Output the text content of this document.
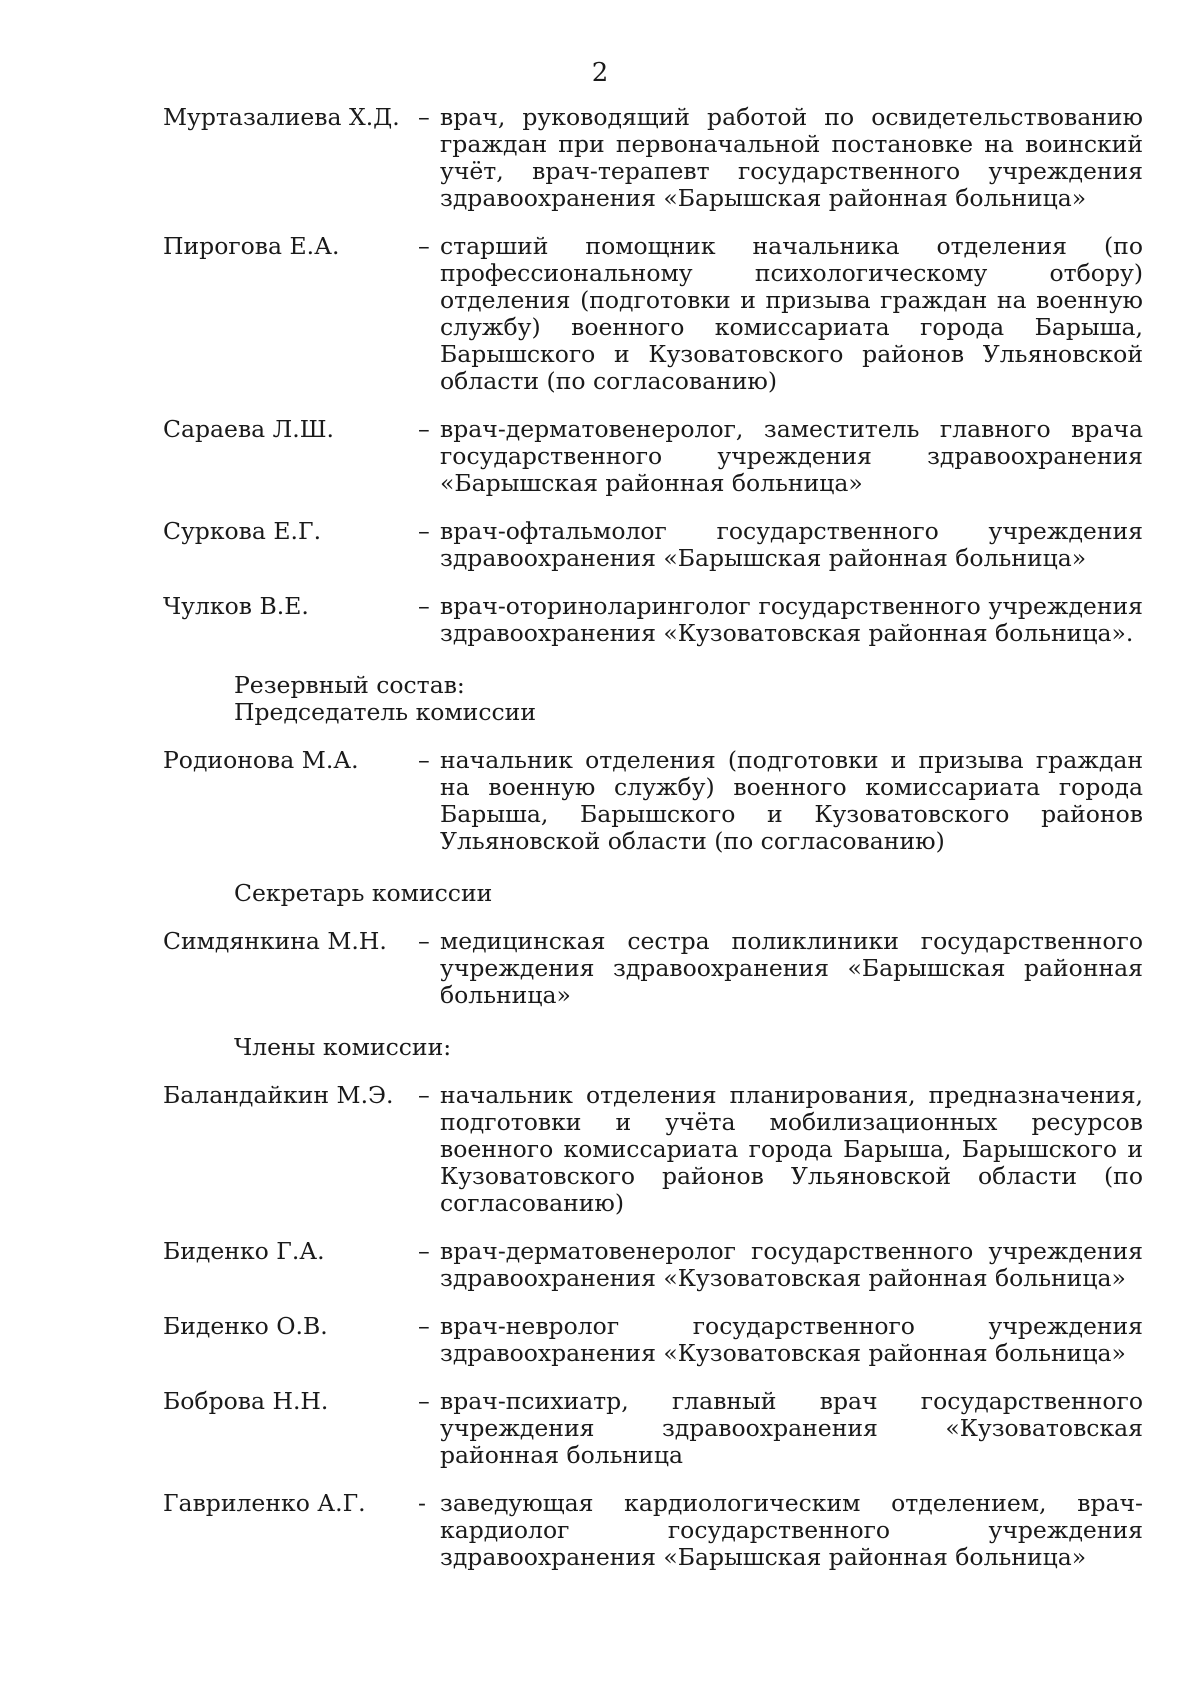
2
Муртазалиева Х.Д. – врач, руководящий работой по освидетельствованию граждан при первоначальной постановке на воинский учёт, врач-терапевт государственного учреждения здравоохранения «Барышская районная больница»
Пирогова Е.А.	– старший помощник начальника отделения (по профессиональному психологическому отбору) отделения (подготовки и призыва граждан на военную службу) военного комиссариата города Барыша, Барышского и Кузоватовского районов Ульяновской области (по согласованию)
Сараева Л.Ш.	– врач-дерматовенеролог, заместитель главного врача государственного учреждения здравоохранения «Барышская районная больница»
Суркова Е.Г.	– врач-офтальмолог государственного учреждения здравоохранения «Барышская районная больница»
Чулков В.Е.	– врач-оториноларинголог государственного учреждения здравоохранения «Кузоватовская районная больница».
Резервный состав:
Председатель комиссии
Родионова М.А.	– начальник отделения (подготовки и призыва граждан на военную службу) военного комиссариата города Барыша, Барышского и Кузоватовского районов Ульяновской области (по согласованию)
Секретарь комиссии
Симдянкина М.Н.	– медицинская сестра поликлиники государственного учреждения здравоохранения «Барышская районная больница»
Члены комиссии:
Баландайкин М.Э.	– начальник отделения планирования, предназначения, подготовки и учёта мобилизационных ресурсов военного комиссариата города Барыша, Барышского и Кузоватовского районов Ульяновской области (по согласованию)
Биденко Г.А.	– врач-дерматовенеролог государственного учреждения здравоохранения «Кузоватовская районная больница»
Биденко О.В.	– врач-невролог государственного учреждения здравоохранения «Кузоватовская районная больница»
Боброва Н.Н.	– врач-психиатр, главный врач государственного учреждения здравоохранения «Кузоватовская районная больница
Гавриленко А.Г.	- заведующая кардиологическим отделением, врач-кардиолог государственного учреждения здравоохранения «Барышская районная больница»
